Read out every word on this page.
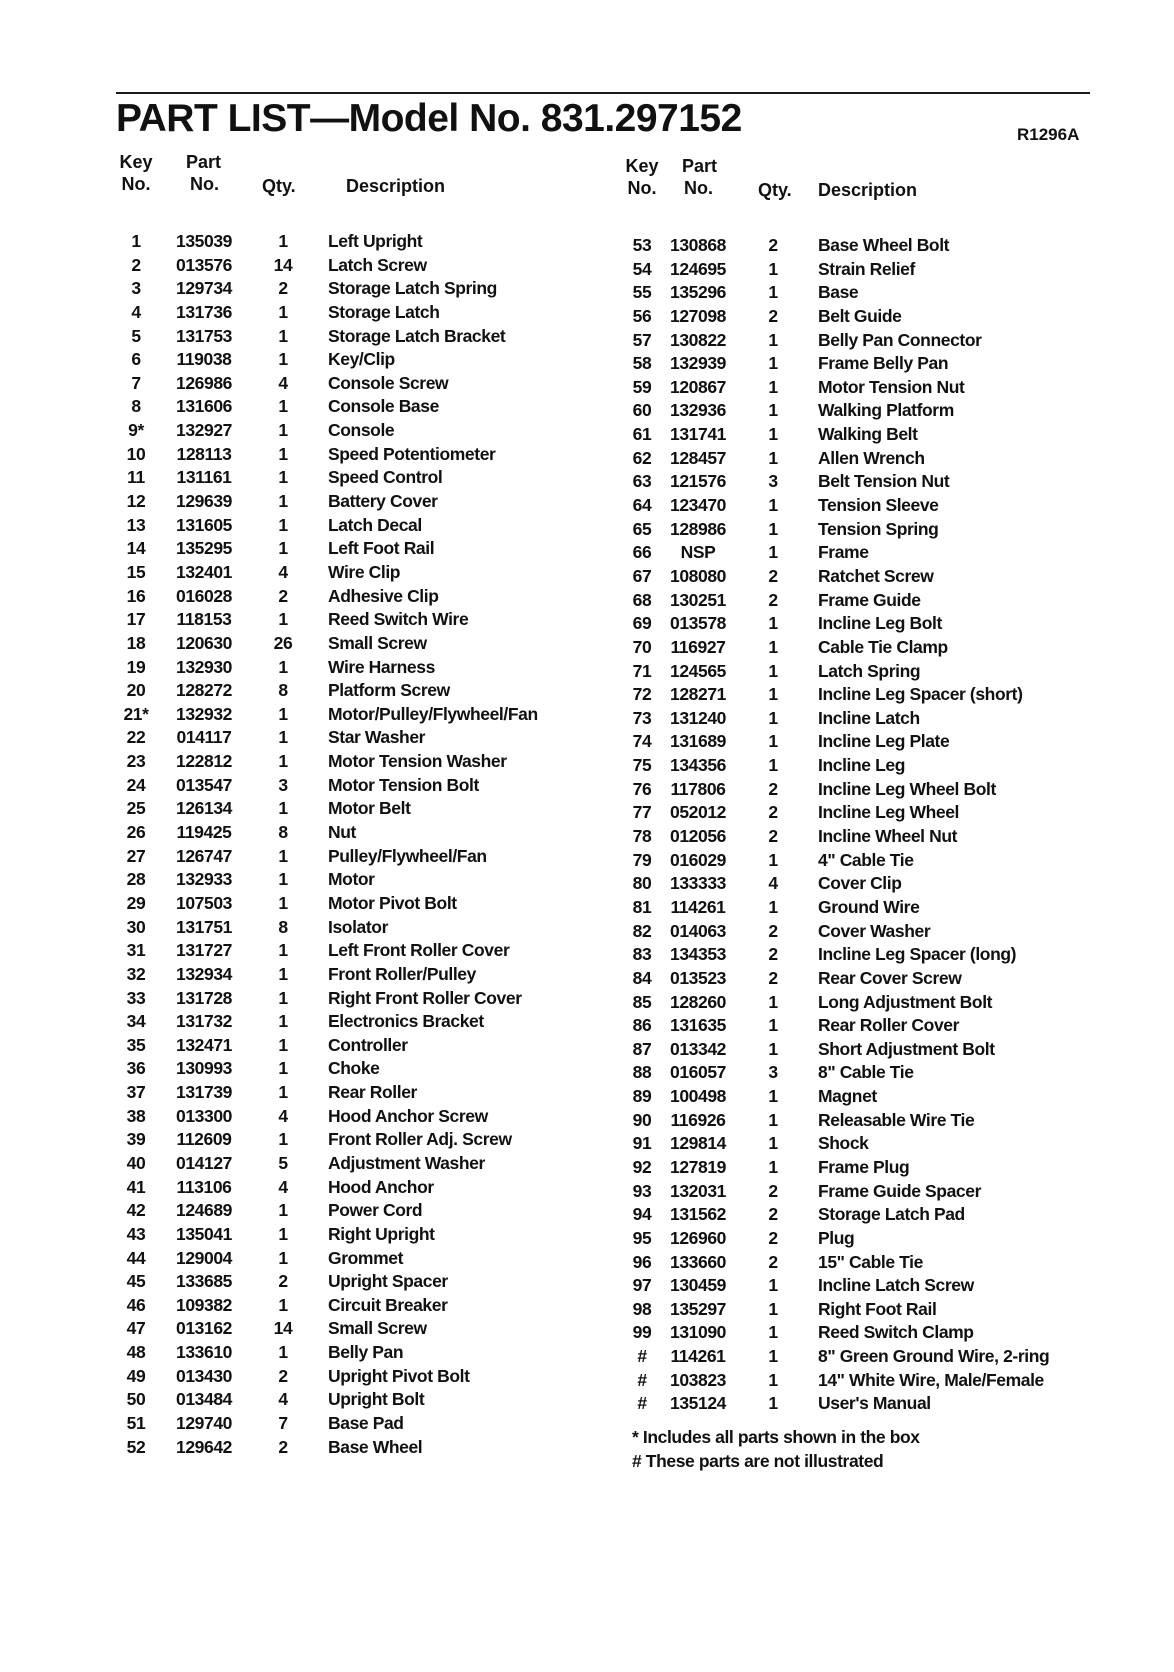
PART LIST—Model No. 831.297152	R1296A
Key
No.
Part
No. Qty.	Description
1	135039	1	Left Upright
2	013576	14	Latch Screw
3	129734	2	Storage Latch Spring
4	131736	1	Storage Latch
5	131753	1	Storage Latch Bracket
6	119038	1	Key/Clip
7	126986	4	Console Screw
8	131606	1	Console Base
9*	132927	1	Console
10	128113	1	Speed Potentiometer
11	131161	1	Speed Control
12	129639	1	Battery Cover
13	131605	1	Latch Decal
14	135295	1	Left Foot Rail
15	132401	4	Wire Clip
16	016028	2	Adhesive Clip
17	118153	1	Reed Switch Wire
18	120630	26	Small Screw
19	132930	1	Wire Harness
20	128272	8	Platform Screw
21*	132932	1	Motor/Pulley/Flywheel/Fan
22	014117	1	Star Washer
23	122812	1	Motor Tension Washer
24	013547	3	Motor Tension Bolt
25	126134	1	Motor Belt
26	119425	8	Nut
27	126747	1	Pulley/Flywheel/Fan
28	132933	1	Motor
29	107503	1	Motor Pivot Bolt
30	131751	8	Isolator
31	131727	1	Left Front Roller Cover
32	132934	1	Front Roller/Pulley
33	131728	1	Right Front Roller Cover
34	131732	1	Electronics Bracket
35	132471	1	Controller
36	130993	1	Choke
37	131739	1	Rear Roller
38	013300	4	Hood Anchor Screw
39	112609	1	Front Roller Adj. Screw
40	014127	5	Adjustment Washer
41	113106	4	Hood Anchor
42	124689	1	Power Cord
43	135041	1	Right Upright
44	129004	1	Grommet
45	133685	2	Upright Spacer
46	109382	1	Circuit Breaker
47	013162	14	Small Screw
48	133610	1	Belly Pan
49	013430	2	Upright Pivot Bolt
50	013484	4	Upright Bolt
51	129740	7	Base Pad
52	129642	2	Base Wheel
Key
No.
Part
No.	Qty. Description
53	130868	2	Base Wheel Bolt
54	124695	1	Strain Relief
55	135296	1	Base
56	127098	2	Belt Guide
57	130822	1	Belly Pan Connector
58	132939	1	Frame Belly Pan
59	120867	1	Motor Tension Nut
60	132936	1	Walking Platform
61	131741	1	Walking Belt
62	128457	1	Allen Wrench
63	121576	3	Belt Tension Nut
64	123470	1	Tension Sleeve
65	128986	1	Tension Spring
66	NSP	1	Frame
67	108080	2	Ratchet Screw
68	130251	2	Frame Guide
69	013578	1	Incline Leg Bolt
70	116927	1	Cable Tie Clamp
71	124565	1	Latch Spring
72	128271	1	Incline Leg Spacer (short)
73	131240	1	Incline Latch
74	131689	1	Incline Leg Plate
75	134356	1	Incline Leg
76	117806	2	Incline Leg Wheel Bolt
77	052012	2	Incline Leg Wheel
78	012056	2	Incline Wheel Nut
79	016029	1	4" Cable Tie
80	133333	4	Cover Clip
81	114261	1	Ground Wire
82	014063	2	Cover Washer
83	134353	2	Incline Leg Spacer (long)
84	013523	2	Rear Cover Screw
85	128260	1	Long Adjustment Bolt
86	131635	1	Rear Roller Cover
87	013342	1	Short Adjustment Bolt
88	016057	3	8" Cable Tie
89	100498	1	Magnet
90	116926	1	Releasable Wire Tie
91	129814	1	Shock
92	127819	1	Frame Plug
93	132031	2	Frame Guide Spacer
94	131562	2	Storage Latch Pad
95	126960	2	Plug
96	133660	2	15" Cable Tie
97	130459	1	Incline Latch Screw
98	135297	1	Right Foot Rail
99	131090	1	Reed Switch Clamp
#	114261	1	8" Green Ground Wire, 2-ring
#	103823	1	14" White Wire, Male/Female
#	135124	1	User's Manual
* Includes all parts shown in the box
# These parts are not illustrated
